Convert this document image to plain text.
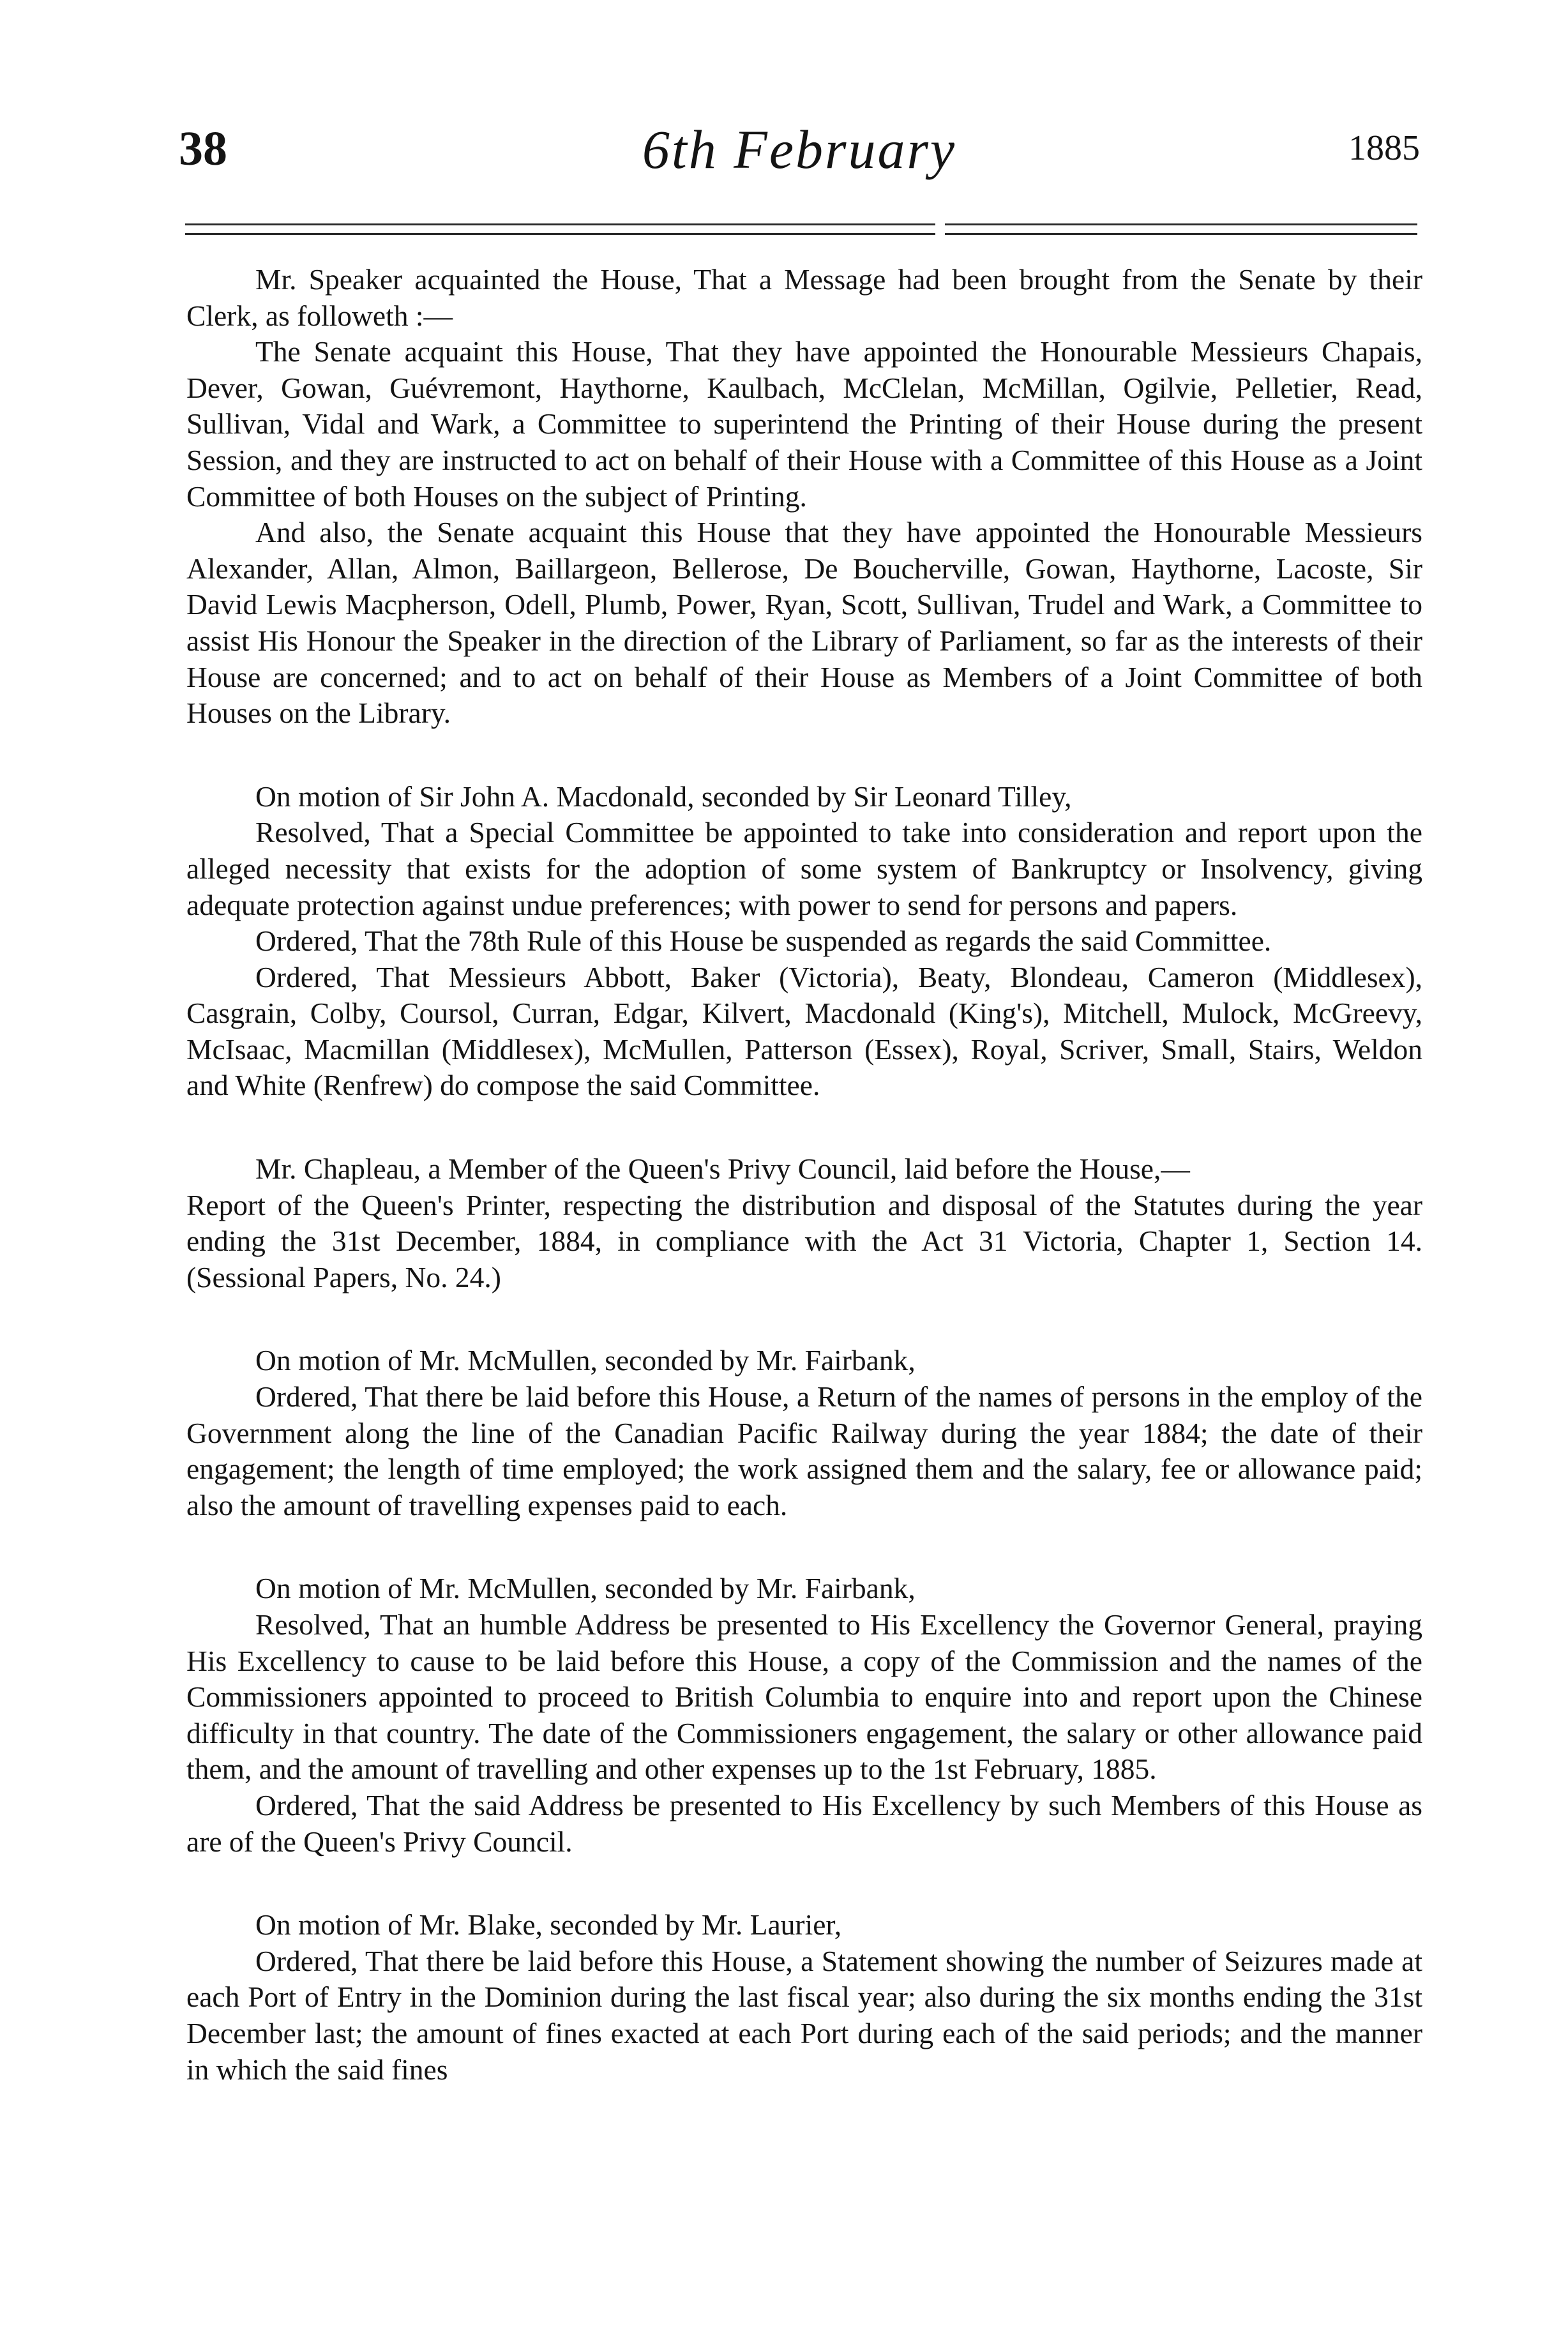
38	6th February	1885

Mr. Speaker acquainted the House, That a Message had been brought from the Senate by their Clerk, as followeth :—

The Senate acquaint this House, That they have appointed the Honourable Messieurs Chapais, Dever, Gowan, Guévremont, Haythorne, Kaulbach, McClelan, McMillan, Ogilvie, Pelletier, Read, Sullivan, Vidal and Wark, a Committee to superintend the Printing of their House during the present Session, and they are instructed to act on behalf of their House with a Committee of this House as a Joint Committee of both Houses on the subject of Printing.

And also, the Senate acquaint this House that they have appointed the Honourable Messieurs Alexander, Allan, Almon, Baillargeon, Bellerose, De Boucherville, Gowan, Haythorne, Lacoste, Sir David Lewis Macpherson, Odell, Plumb, Power, Ryan, Scott, Sullivan, Trudel and Wark, a Committee to assist His Honour the Speaker in the direction of the Library of Parliament, so far as the interests of their House are concerned; and to act on behalf of their House as Members of a Joint Committee of both Houses on the Library.

On motion of Sir John A. Macdonald, seconded by Sir Leonard Tilley,

Resolved, That a Special Committee be appointed to take into consideration and report upon the alleged necessity that exists for the adoption of some system of Bankruptcy or Insolvency, giving adequate protection against undue preferences; with power to send for persons and papers.

Ordered, That the 78th Rule of this House be suspended as regards the said Committee.

Ordered, That Messieurs Abbott, Baker (Victoria), Beaty, Blondeau, Cameron (Middlesex), Casgrain, Colby, Coursol, Curran, Edgar, Kilvert, Macdonald (King's), Mitchell, Mulock, McGreevy, McIsaac, Macmillan (Middlesex), McMullen, Patterson (Essex), Royal, Scriver, Small, Stairs, Weldon and White (Renfrew) do compose the said Committee.

Mr. Chapleau, a Member of the Queen's Privy Council, laid before the House,—

Report of the Queen's Printer, respecting the distribution and disposal of the Statutes during the year ending the 31st December, 1884, in compliance with the Act 31 Victoria, Chapter 1, Section 14. (Sessional Papers, No. 24.)

On motion of Mr. McMullen, seconded by Mr. Fairbank,

Ordered, That there be laid before this House, a Return of the names of persons in the employ of the Government along the line of the Canadian Pacific Railway during the year 1884; the date of their engagement; the length of time employed; the work assigned them and the salary, fee or allowance paid; also the amount of travelling expenses paid to each.

On motion of Mr. McMullen, seconded by Mr. Fairbank,

Resolved, That an humble Address be presented to His Excellency the Governor General, praying His Excellency to cause to be laid before this House, a copy of the Commission and the names of the Commissioners appointed to proceed to British Columbia to enquire into and report upon the Chinese difficulty in that country. The date of the Commissioners engagement, the salary or other allowance paid them, and the amount of travelling and other expenses up to the 1st February, 1885.

Ordered, That the said Address be presented to His Excellency by such Members of this House as are of the Queen's Privy Council.

On motion of Mr. Blake, seconded by Mr. Laurier,

Ordered, That there be laid before this House, a Statement showing the number of Seizures made at each Port of Entry in the Dominion during the last fiscal year; also during the six months ending the 31st December last; the amount of fines exacted at each Port during each of the said periods; and the manner in which the said fines
